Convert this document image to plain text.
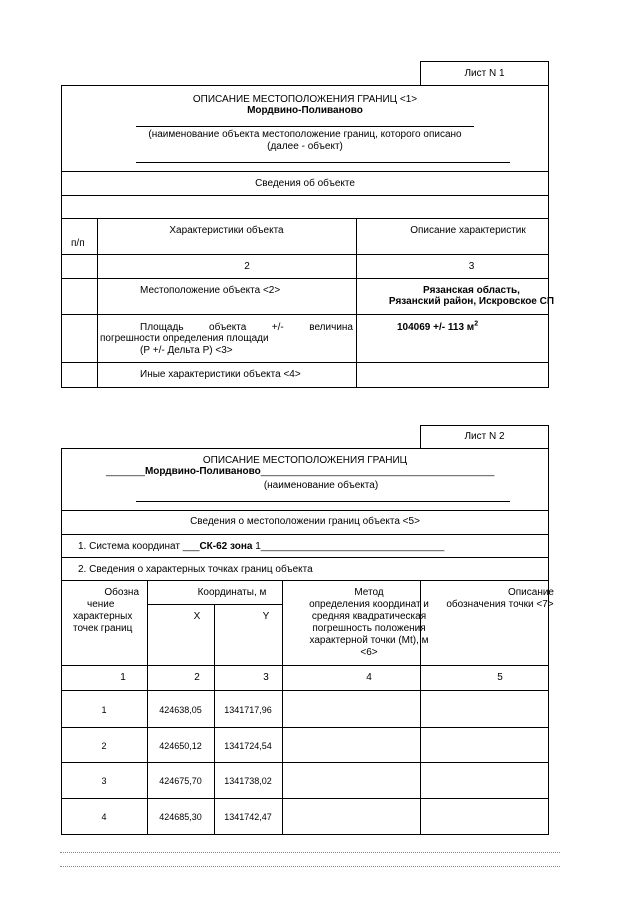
Лист N 1
ОПИСАНИЕ МЕСТОПОЛОЖЕНИЯ ГРАНИЦ <1>
Мордвино-Поливаново
(наименование объекта местоположение границ, которого описано
(далее - объект)
Сведения об объекте
п/п
Характеристики объекта	Описание характеристик
2	3
Местоположение объекта <2>	Рязанская область,
Рязанский район, Искровское СП
Площадь объекта +/- величина
погрешности определения площади
(Р +/- Дельта Р) <3>
104069 +/- 113 $м^2$
Иные характеристики объекта <4>
Лист N 2
ОПИСАНИЕ МЕСТОПОЛОЖЕНИЯ ГРАНИЦ
_______Мордвино-Поливаново__________________________________________
(наименование объекта)
Сведения о местоположении границ объекта <5>
1. Система координат ___СК-62 зона 1_________________________________
2. Сведения о характерных точках границ объекта
Обозна
чение
характерных
точек границ
Координаты, м
X	Y
Метод
определения координат и
средняя квадратическая
погрешность положения
характерной точки (Mt), м
<6>
Описание
обозначения точки <7>
1	2	3	4	5
1	424638,05	1341717,96
2	424650,12	1341724,54
3	424675,70	1341738,02
4	424685,30	1341742,47
